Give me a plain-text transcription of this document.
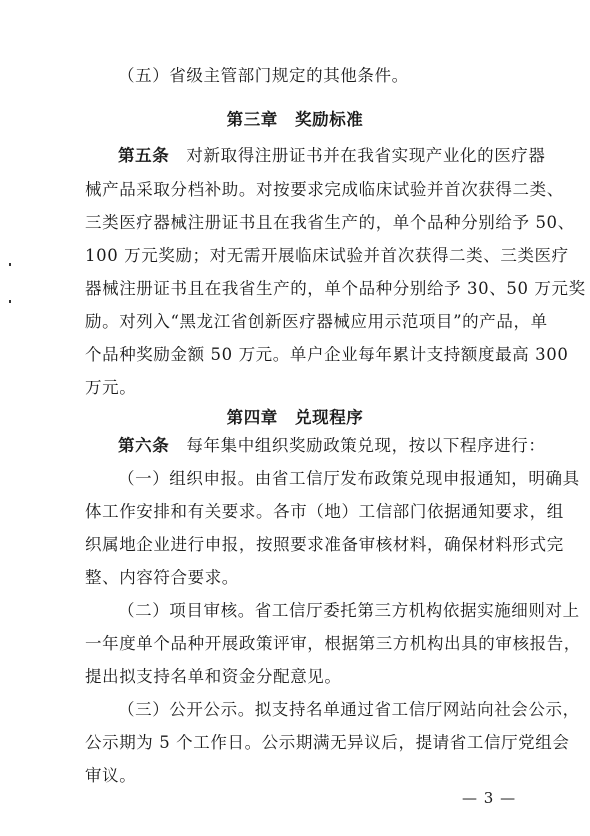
（五）省级主管部门规定的其他条件。
第三章　奖励标准
第五条　对新取得注册证书并在我省实现产业化的医疗器
械产品采取分档补助。对按要求完成临床试验并首次获得二类、
三类医疗器械注册证书且在我省生产的，单个品种分别给予 50、
100 万元奖励；对无需开展临床试验并首次获得二类、三类医疗
器械注册证书且在我省生产的，单个品种分别给予 30、50 万元奖
励。对列入“黑龙江省创新医疗器械应用示范项目”的产品，单
个品种奖励金额 50 万元。单户企业每年累计支持额度最高 300
万元。
第四章　兑现程序
第六条　每年集中组织奖励政策兑现，按以下程序进行：
（一）组织申报。由省工信厅发布政策兑现申报通知，明确具
体工作安排和有关要求。各市（地）工信部门依据通知要求，组
织属地企业进行申报，按照要求准备审核材料，确保材料形式完
整、内容符合要求。
（二）项目审核。省工信厅委托第三方机构依据实施细则对上
一年度单个品种开展政策评审，根据第三方机构出具的审核报告，
提出拟支持名单和资金分配意见。
（三）公开公示。拟支持名单通过省工信厅网站向社会公示，
公示期为 5 个工作日。公示期满无异议后，提请省工信厅党组会
审议。
— 3 —
